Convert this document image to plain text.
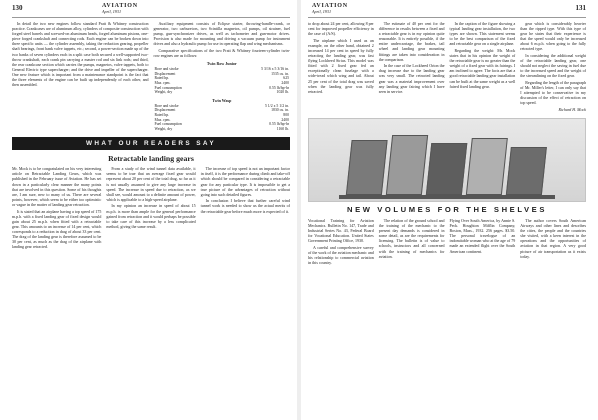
130	AVIATION
April, 1931

In detail the two new engines follow standard Pratt & Whitney construction practice. Crankcases are of aluminum alloy, cylinders of composite construction with forged steel barrels and screwed-on aluminum heads, forged aluminum pistons, one-piece forged crankshaft and connecting rods. Each engine can be broken down into three specific units — the cylinder assembly, taking the reduction gearing, propeller shaft bearings, front bank valve tappets, etc.; second, a power-section made up of the two banks of seven cylinders each in a split case both secured a well-supported two-throw crankshaft, each crank pin carrying a master rod and six link rods; and third, the rear crankcase section which carries the pumps, magnetos, valve tappets, both to General Electric type supercharger; and the drive and impeller of the supercharger. One new feature which is important from a maintenance standpoint is the fact that the three elements of the engine can be built up independently of each other, and then assembled.

Auxiliary equipment consists of Eclipse starter, throwing-handle-crank, or generator, two carburetors, two Scintilla magnetos, oil pumps, oil strainer, fuel pump, gun-synchronizer drives, as well as tachometer and gun-motor drives. Provision is also made for mounting and driving a vacuum pump for instrument drives and also a hydraulic pump for use in operating flap and wing mechanisms.

Comparative specifications of the two Pratt & Whitney fourteen-cylinder twin-row engines are as follows:

Twin Row Junior
Bore and stroke	5 3/16 x 5 3/16 in.
Displacement	1535 cu. in.
Rated hp.	625
Max. rpm.	2400
Fuel consumption	0.55 lb/hp-hr
Weight, dry	1020 lb.
Twin Wasp
Bore and stroke	5 1/2 x 5 1/2 in.
Displacement	1830 cu. in.
Rated hp.	800
Max. rpm.	2400
Fuel consumption	0.55 lb/hp-hr
Weight, dry	1160 lb.
WHAT OUR READERS SAY
Retractable landing gears

Mr. Mock is to be congratulated on his very interesting article on Retractable Landing Gears, which was published in the February issue of Aviation. He has set down in a particularly clear manner the many points that are involved in this question. Some of his thoughts are, I am sure, new to many of us. There are several points, however, which seem to be either too optimistic or vague in the matter of landing gear retraction.

It is stated that an airplane having a top speed of 175 m.p.h. with a fixed landing gear of fixed design would gain about 25 m.p.h. when fitted with a retractable gear. This amounts to an increase of 14 per cent, which corresponds to a reduction in drag of about 33 per cent. The drag of the landing gear is therefore assumed to be 30 per cent, as much as the drag of the airplane with landing gear retracted.

From a study of the wind tunnel data available, it seems to be true that an average fixed gear would represent about 20 per cent of the total drag, so far as it is not usually assumed to give any large increase in speed. The increase in speed due to retraction, as we shall see, would amount to a definite amount of power, which is applicable to a high-speed airplane.

In my opinion an increase in speed of about 15 m.p.h. is more than ample for the general performance gained from retraction and it would perhaps be possible to take care of this increase by a less complicated method, giving the same result.

The increase of top speed is not an important factor in itself, it is the performance during climb and take-off which should be compared in considering a retractable gear for any particular type. It is impossible to get a true picture of the advantages of retraction without going into such detailed figures.

In conclusion I believe that further careful wind tunnel work is needed to show us the actual merits of the retractable gear before much more is expected of it.

AVIATION
April, 1931	131

to drop about 24 per cent, allowing 8 per cent for improved propeller efficiency in the case of (A/S).

The airplane which I used as an example, on the other hand, obtained 2 increased 14 per cent in speed by fully retracting the landing gear, was fast flying Lockheed Sirius. This model was fitted with 2 fixed gear fed an exceptionally clean fuselage with a wide-tread which wing and tail. About 25 per cent of the total drag was saved when the landing gear was fully retracted.

The estimate of 40 per cent for the difference in results between a fixed and a retractable gear is in my opinion quite reasonable. It is entirely possible, if the entire undercarriage, the brakes, tail wheel and landing gear mounting fittings are taken into consideration in the comparison.

In the case of the Lockheed Orion the drag increase due to the landing gear was very small. The retracted landing gear was a material improvement over any landing gear fairing which I have seen in service.

In the caption of the figure showing a typical landing gear installation, the two types are shown. This statement seems to be the best comparison of the fixed and retractable gear on a single airplane.

Regarding the weight: Mr. Mock states that in his opinion the weight of the retractable gear is no greater than the weight of a fixed gear with its fairings. I am inclined to agree. The facts are that a good retractable landing gear installation can be built at the same weight as a well faired fixed landing gear.

gear which is considerably heavier than the ripped type. With this type of gear he states that their experience is that the speed would only be increased about 6 m.p.h. when going to the fully retracted type.

In considering the additional weight of the retractable landing gear, one should not neglect the saving in fuel due to the increased speed and the weight of the streamlining on the fixed gear.

Regarding the length of the paragraph of Mr. Miller's letter, I can only say that I attempted to be conservative in my discussion of the effect of retraction on top speed.

Richard H. Mock
NEW VOLUMES FOR THE SHELVES

Vocational Training for Aviation Mechanics. Bulletin No. 147, Trade and Industrial Series No. 43, Federal Board for Vocational Education. United States Government Printing Office, 1930.

A careful and comprehensive survey of the work of the aviation mechanic and his relationship to commercial aviation in this country.

The relation of the ground school and the training of the mechanic to the present day demands is considered in some detail, as are the requirements for licensing. The bulletin is of value to schools, instructors and all concerned with the training of mechanics for aviation.

Flying Over South America, by Annie S. Peck. Houghton Mifflin Company, Boston, Mass., 1932. 256 pages. $3.50. The personal travelogue of an indomitable woman who at the age of 79 made an extended flight over the South American continent.

The author covers South American Airways and other lines and describes the cities, the people and the countries she visited, with a keen interest in the operations and the opportunities of aviation in that region. A very good picture of air transportation as it exists today.
